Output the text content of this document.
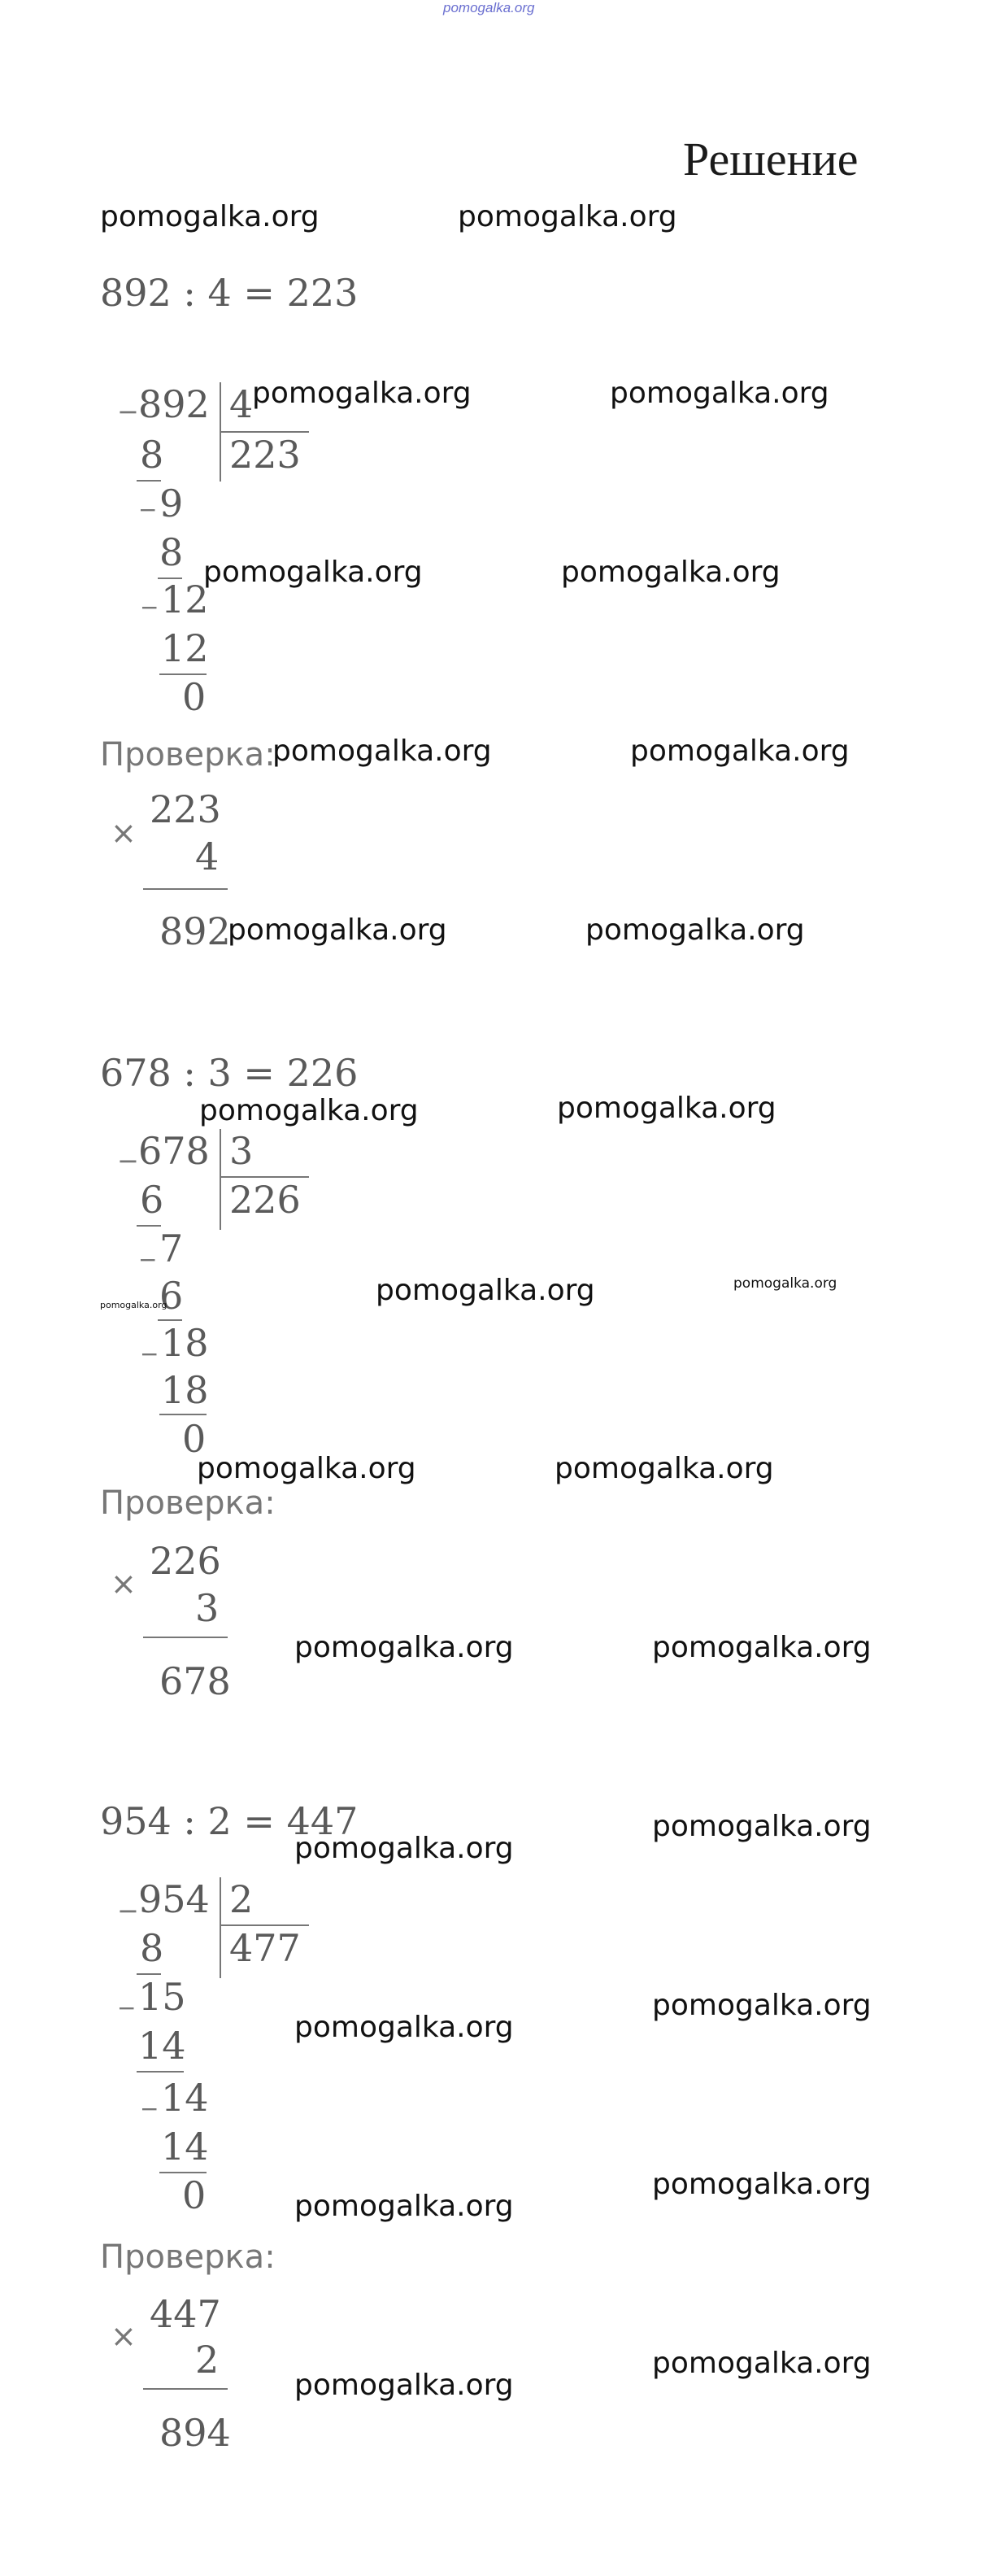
pomogalka.org
Решение
pomogalka.org	pomogalka.org
892 : 4 = 223
− 892 4
223
8
− 9
8
− 12
12
0
Проверка:
223
×
4
892
pomogalka.org	pomogalka.org
pomogalka.org	pomogalka.org
pomogalka.org	pomogalka.org
pomogalka.org	pomogalka.org
678 : 3 = 226
− 678 3
226
6
− 7
6
− 18
18
0
Проверка:
226
×
3
678
pomogalka.org	pomogalka.org
pomogalka.org	pomogalka.org	pomogalka.org
pomogalka.org	pomogalka.org
pomogalka.org	pomogalka.org
954 : 2 = 447
− 954 2
477
8
− 15
14
− 14
14
0
Проверка:
447
×
2
894
pomogalka.org
pomogalka.org
pomogalka.org
pomogalka.org
pomogalka.org
pomogalka.org
pomogalka.org
pomogalka.org
